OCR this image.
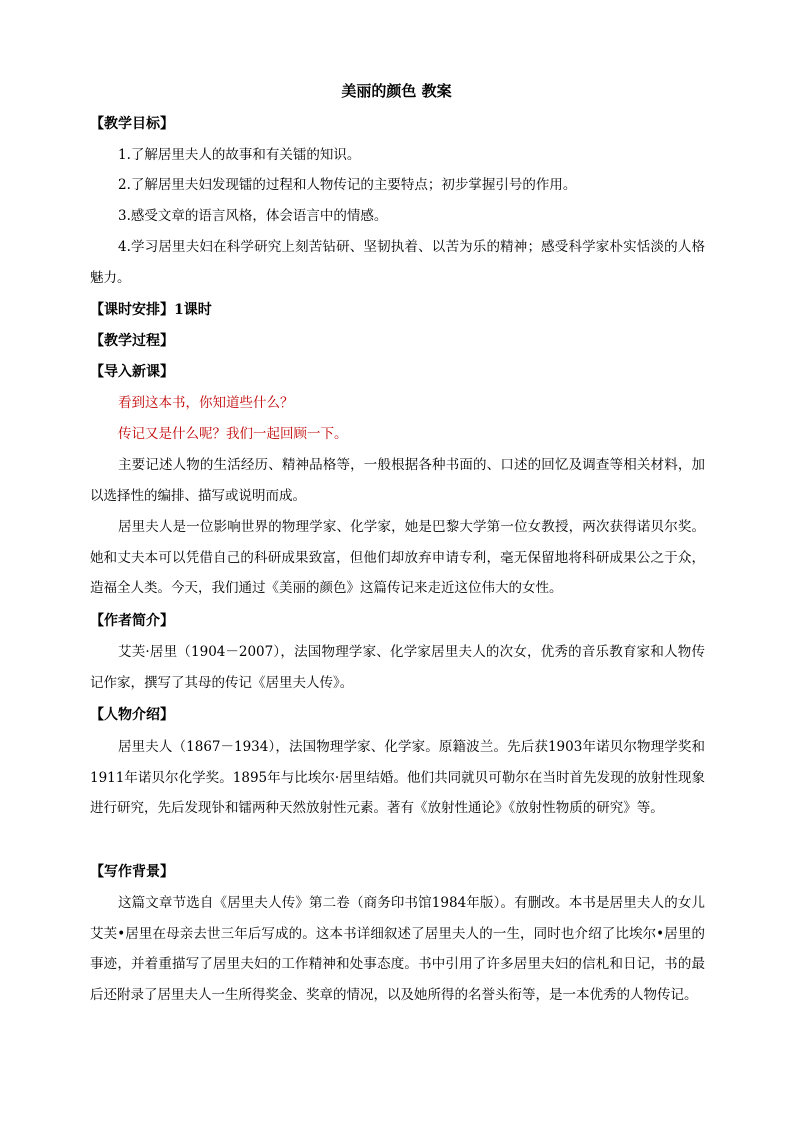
美丽的颜色 教案
【教学目标】
1.了解居里夫人的故事和有关镭的知识。
2.了解居里夫妇发现镭的过程和人物传记的主要特点；初步掌握引号的作用。
3.感受文章的语言风格，体会语言中的情感。
4.学习居里夫妇在科学研究上刻苦钻研、坚韧执着、以苦为乐的精神；感受科学家朴实恬淡的人格魅力。
【课时安排】1课时
【教学过程】
【导入新课】
看到这本书，你知道些什么？
传记又是什么呢？我们一起回顾一下。
主要记述人物的生活经历、精神品格等，一般根据各种书面的、口述的回忆及调查等相关材料，加以选择性的编排、描写或说明而成。
居里夫人是一位影响世界的物理学家、化学家，她是巴黎大学第一位女教授，两次获得诺贝尔奖。她和丈夫本可以凭借自己的科研成果致富，但他们却放弃申请专利，毫无保留地将科研成果公之于众，造福全人类。今天，我们通过《美丽的颜色》这篇传记来走近这位伟大的女性。
【作者简介】
艾芙·居里（1904－2007），法国物理学家、化学家居里夫人的次女，优秀的音乐教育家和人物传记作家，撰写了其母的传记《居里夫人传》。
【人物介绍】
居里夫人（1867－1934），法国物理学家、化学家。原籍波兰。先后获1903年诺贝尔物理学奖和1911年诺贝尔化学奖。1895年与比埃尔·居里结婚。他们共同就贝可勒尔在当时首先发现的放射性现象进行研究，先后发现钋和镭两种天然放射性元素。著有《放射性通论》《放射性物质的研究》等。
【写作背景】
这篇文章节选自《居里夫人传》第二卷（商务印书馆1984年版）。有删改。本书是居里夫人的女儿艾芙•居里在母亲去世三年后写成的。这本书详细叙述了居里夫人的一生，同时也介绍了比埃尔•居里的事迹，并着重描写了居里夫妇的工作精神和处事态度。书中引用了许多居里夫妇的信札和日记，书的最后还附录了居里夫人一生所得奖金、奖章的情况，以及她所得的名誉头衔等，是一本优秀的人物传记。
